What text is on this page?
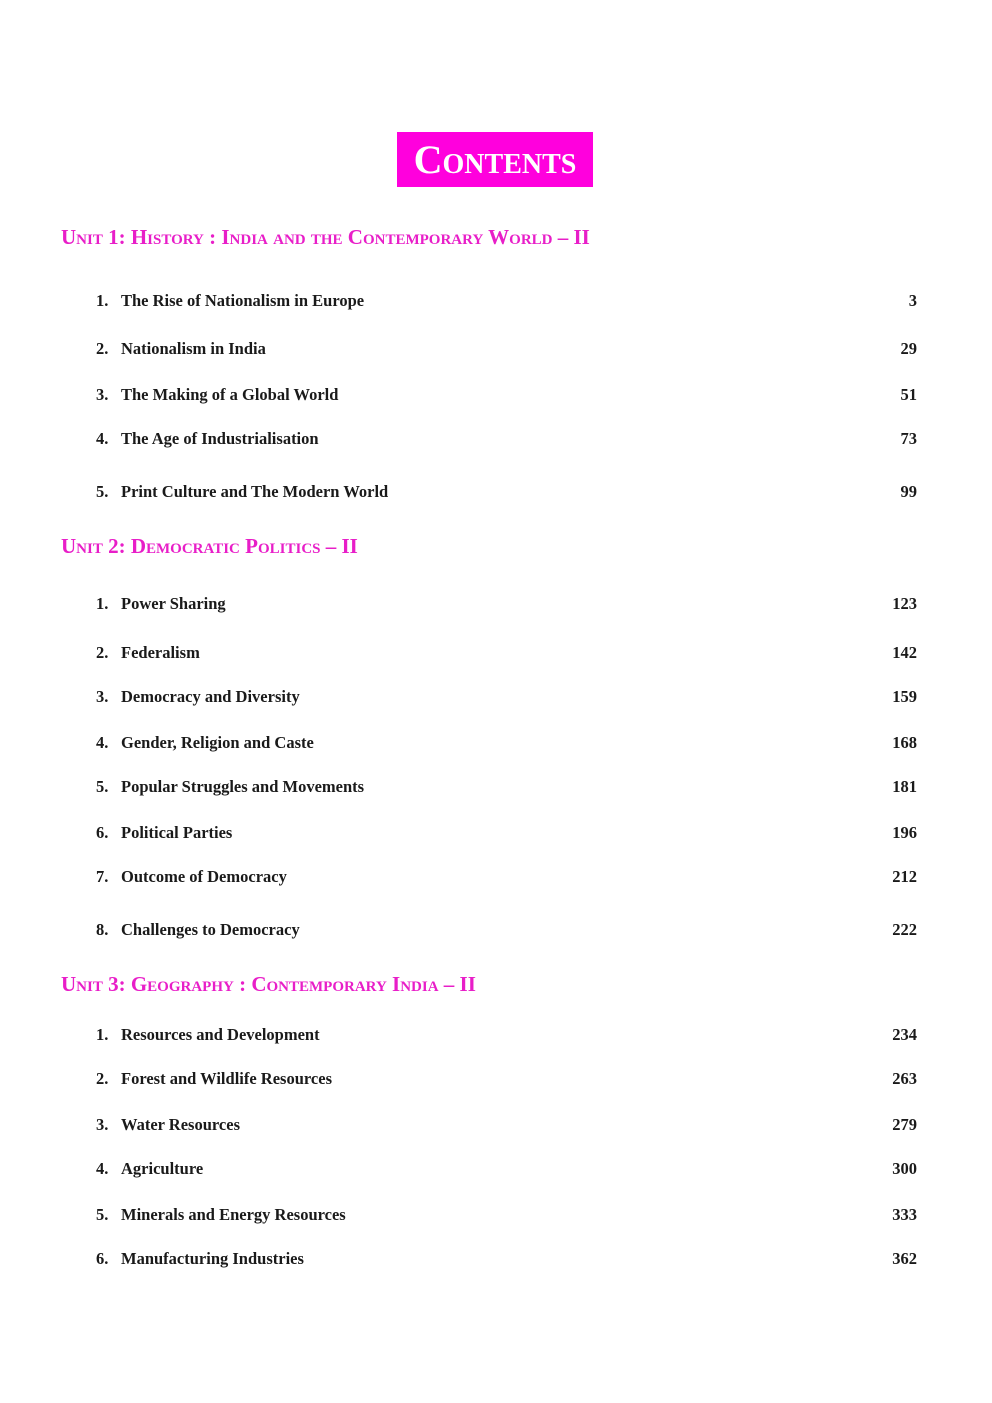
Contents
Unit 1: History : India and the Contemporary World – II
1. The Rise of Nationalism in Europe	3
2. Nationalism in India	29
3. The Making of a Global World	51
4. The Age of Industrialisation	73
5. Print Culture and The Modern World	99
Unit 2: Democratic Politics – II
1. Power Sharing	123
2. Federalism	142
3. Democracy and Diversity	159
4. Gender, Religion and Caste	168
5. Popular Struggles and Movements	181
6. Political Parties	196
7. Outcome of Democracy	212
8. Challenges to Democracy	222
Unit 3: Geography : Contemporary India – II
1. Resources and Development	234
2. Forest and Wildlife Resources	263
3. Water Resources	279
4. Agriculture	300
5. Minerals and Energy Resources	333
6. Manufacturing Industries	362
